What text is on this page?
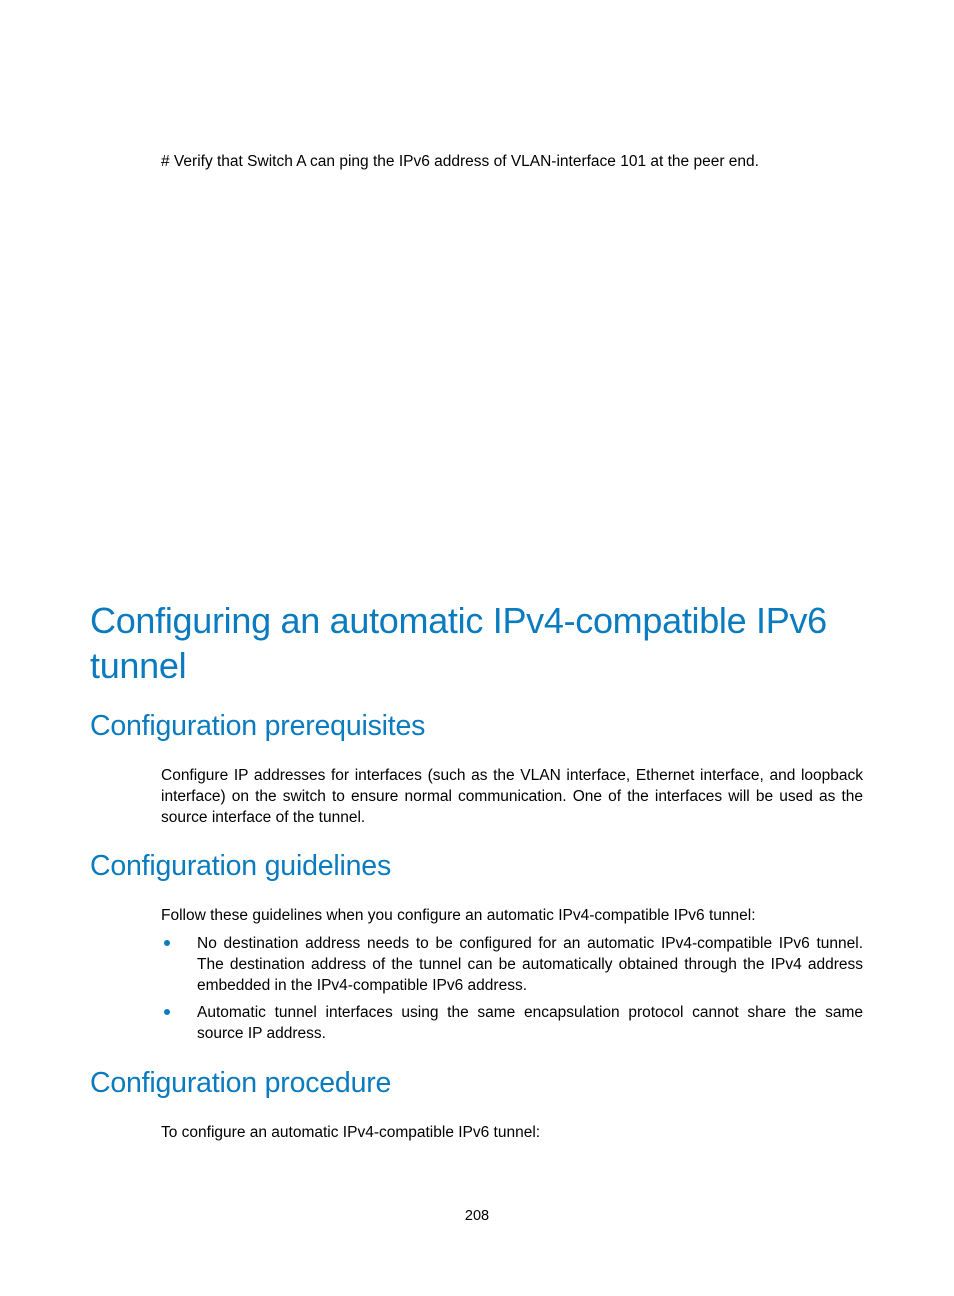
# Verify that Switch A can ping the IPv6 address of VLAN-interface 101 at the peer end.
Configuring an automatic IPv4-compatible IPv6 tunnel
Configuration prerequisites
Configure IP addresses for interfaces (such as the VLAN interface, Ethernet interface, and loopback interface) on the switch to ensure normal communication. One of the interfaces will be used as the source interface of the tunnel.
Configuration guidelines
Follow these guidelines when you configure an automatic IPv4-compatible IPv6 tunnel:
No destination address needs to be configured for an automatic IPv4-compatible IPv6 tunnel. The destination address of the tunnel can be automatically obtained through the IPv4 address embedded in the IPv4-compatible IPv6 address.
Automatic tunnel interfaces using the same encapsulation protocol cannot share the same source IP address.
Configuration procedure
To configure an automatic IPv4-compatible IPv6 tunnel:
208
